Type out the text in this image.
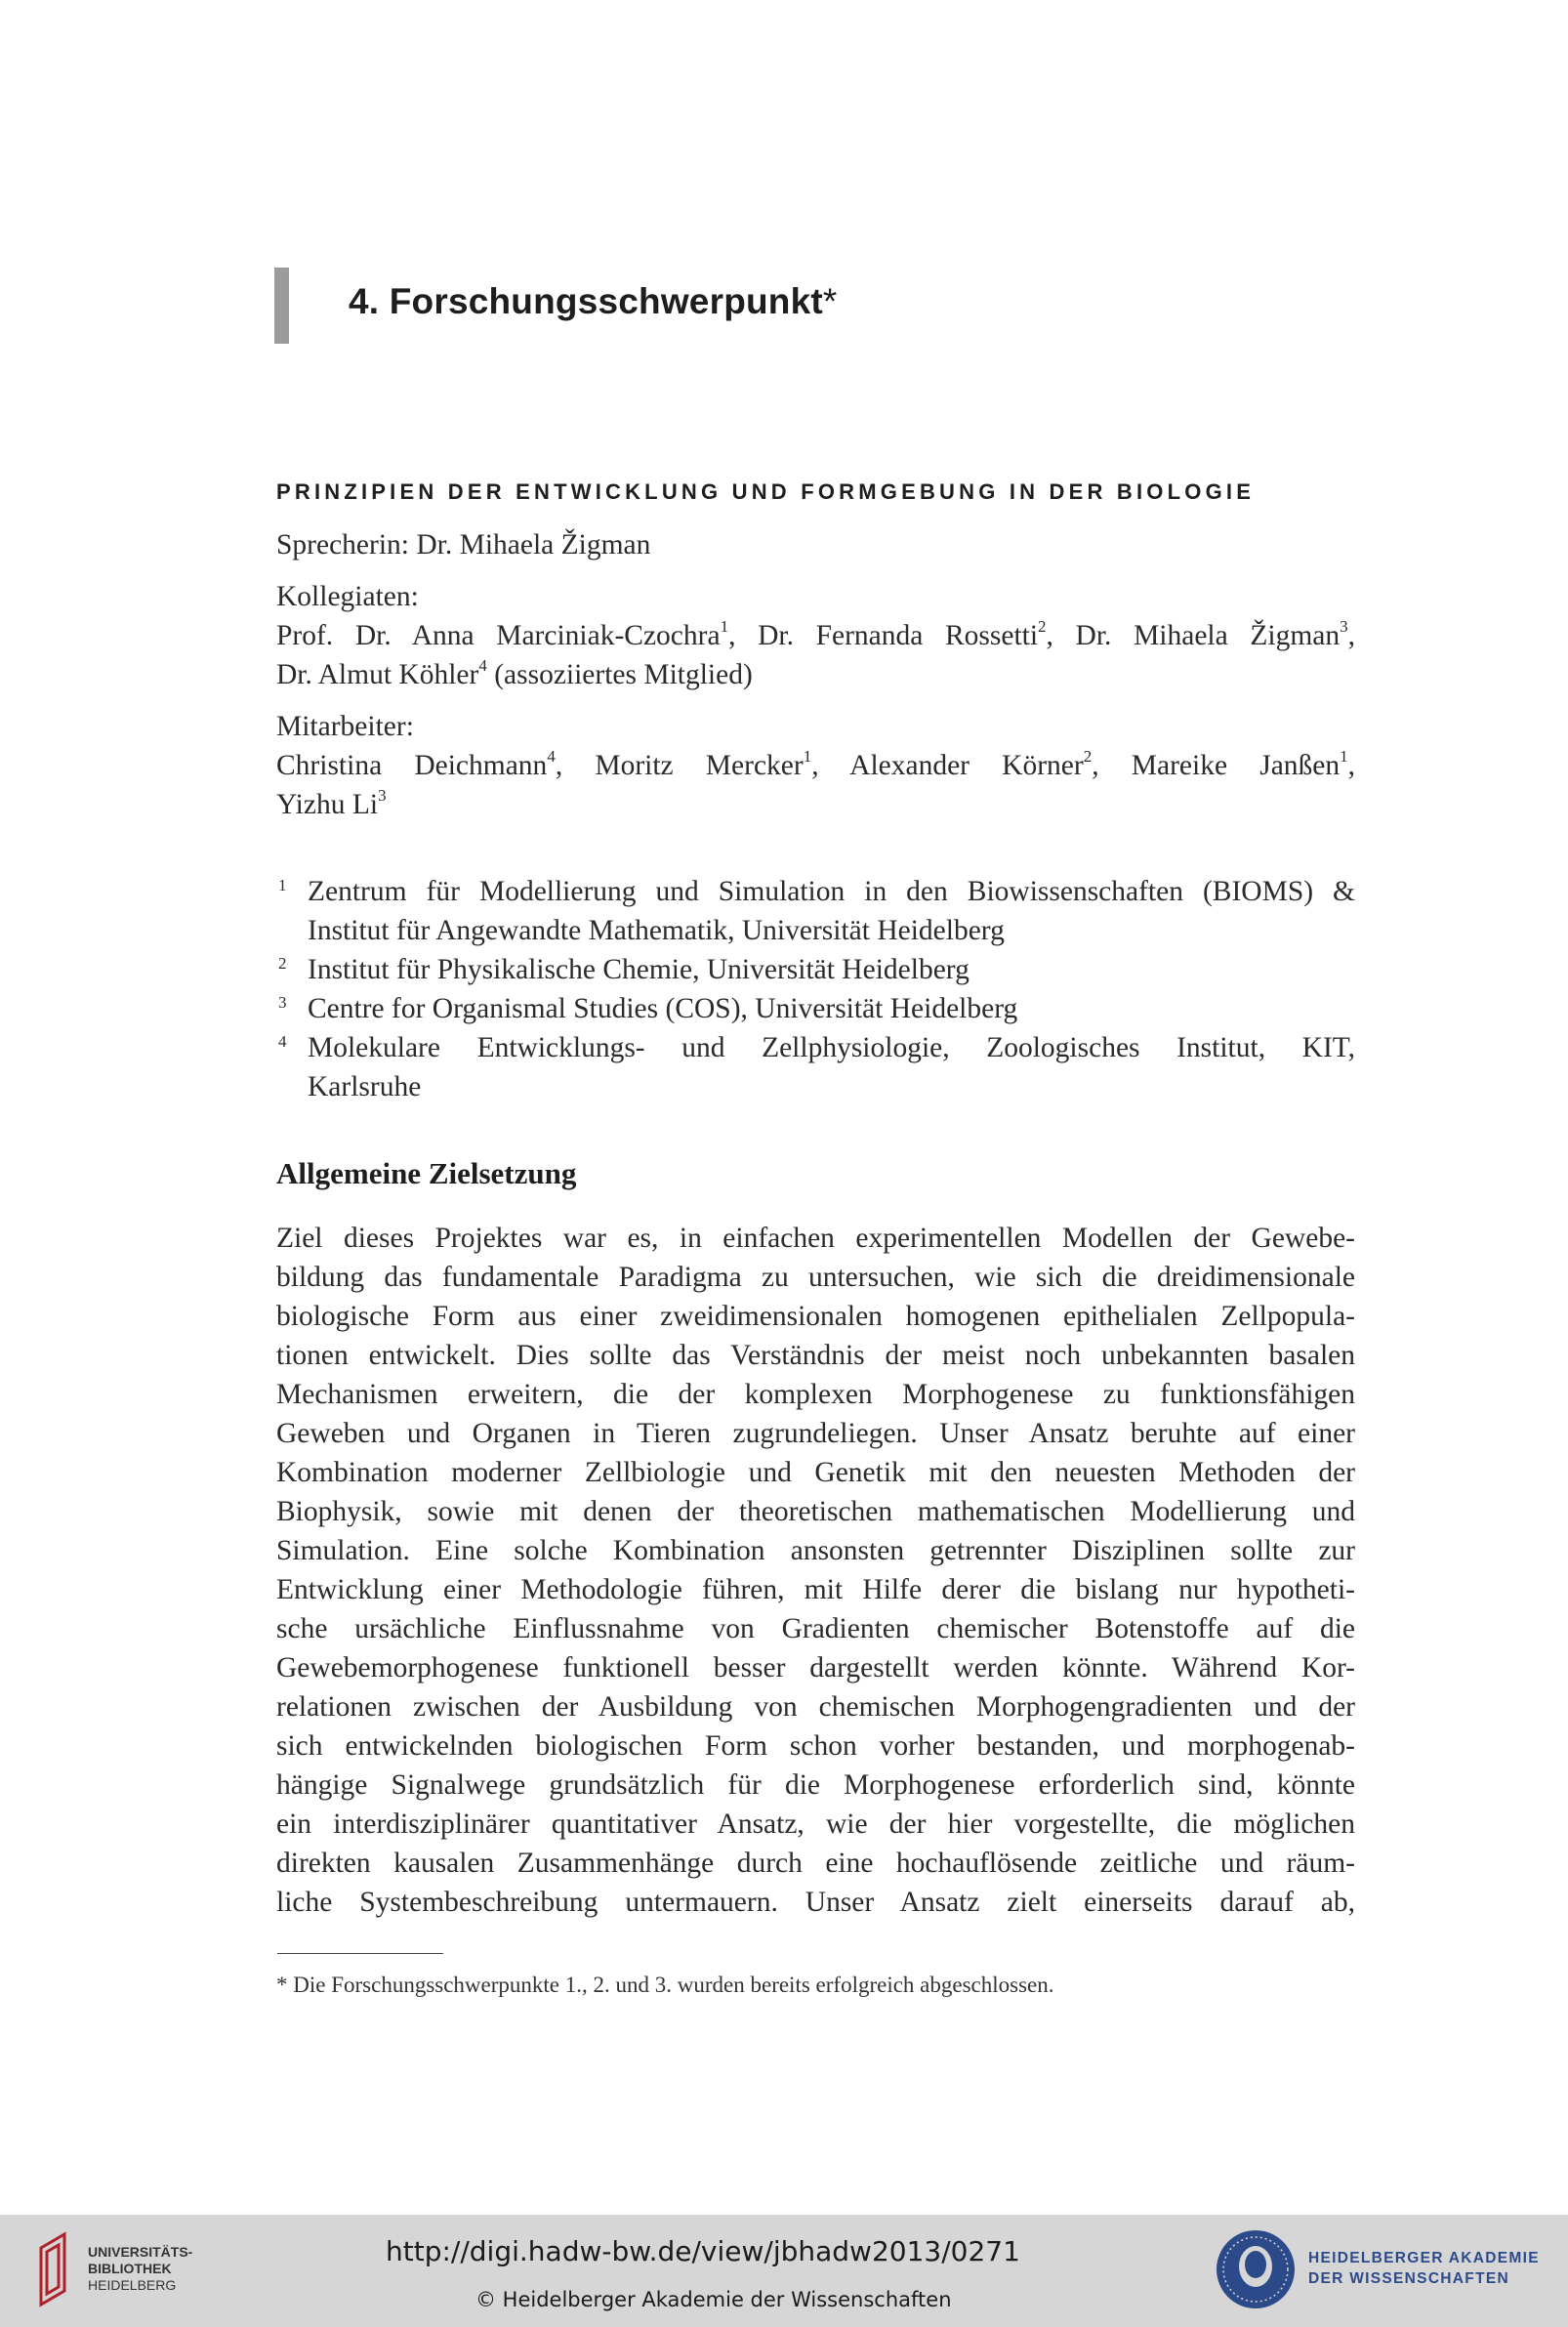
4. Forschungsschwerpunkt*
PRINZIPIEN DER ENTWICKLUNG UND FORMGEBUNG IN DER BIOLOGIE

Sprecherin: Dr. Mihaela Žigman

Kollegiaten:

Prof. Dr. Anna Marciniak-Czochra$^1$, Dr. Fernanda Rossetti$^2$, Dr. Mihaela Žigman$^3$,

Dr. Almut Köhler$^4$ (assoziiertes Mitglied)

Mitarbeiter:

Christina Deichmann$^4$, Moritz Mercker$^1$, Alexander Körner$^2$, Mareike Janßen$^1$,

Yizhu Li$^3$

1 Zentrum für Modellierung und Simulation in den Biowissenschaften (BIOMS) &
Institut für Angewandte Mathematik, Universität Heidelberg
2 Institut für Physikalische Chemie, Universität Heidelberg
3 Centre for Organismal Studies (COS), Universität Heidelberg
4 Molekulare Entwicklungs- und Zellphysiologie, Zoologisches Institut, KIT,
Karlsruhe
Allgemeine Zielsetzung
Ziel dieses Projektes war es, in einfachen experimentellen Modellen der Gewebe-
bildung das fundamentale Paradigma zu untersuchen, wie sich die dreidimensionale
biologische Form aus einer zweidimensionalen homogenen epithelialen Zellpopula-
tionen entwickelt. Dies sollte das Verständnis der meist noch unbekannten basalen
Mechanismen erweitern, die der komplexen Morphogenese zu funktionsfähigen
Geweben und Organen in Tieren zugrundeliegen. Unser Ansatz beruhte auf einer
Kombination moderner Zellbiologie und Genetik mit den neuesten Methoden der
Biophysik, sowie mit denen der theoretischen mathematischen Modellierung und
Simulation. Eine solche Kombination ansonsten getrennter Disziplinen sollte zur
Entwicklung einer Methodologie führen, mit Hilfe derer die bislang nur hypotheti-
sche ursächliche Einflussnahme von Gradienten chemischer Botenstoffe auf die
Gewebemorphogenese funktionell besser dargestellt werden könnte. Während Kor-
relationen zwischen der Ausbildung von chemischen Morphogengradienten und der
sich entwickelnden biologischen Form schon vorher bestanden, und morphogenab-
hängige Signalwege grundsätzlich für die Morphogenese erforderlich sind, könnte
ein interdisziplinärer quantitativer Ansatz, wie der hier vorgestellte, die möglichen
direkten kausalen Zusammenhänge durch eine hochauflösende zeitliche und räum-
liche Systembeschreibung untermauern. Unser Ansatz zielt einerseits darauf ab,
* Die Forschungsschwerpunkte 1., 2. und 3. wurden bereits erfolgreich abgeschlossen.
UNIVERSITÄTS-
BIBLIOTHEK
HEIDELBERG
http://digi.hadw-bw.de/view/jbhadw2013/0271
© Heidelberger Akademie der Wissenschaften
HEIDELBERGER AKADEMIE
DER WISSENSCHAFTEN
